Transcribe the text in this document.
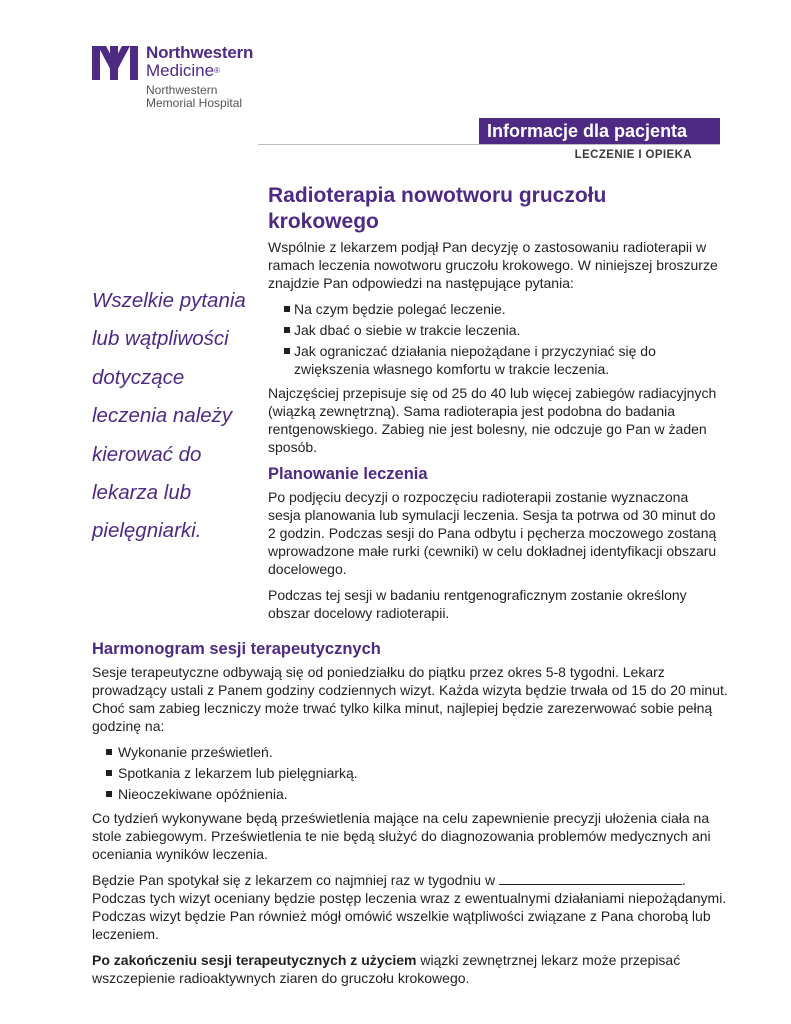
Northwestern
Medicine®
Northwestern
Memorial Hospital
Informacje dla pacjenta
LECZENIE I OPIEKA
Radioterapia nowotworu gruczołu krokowego
Wszelkie pytania
lub wątpliwości
dotyczące
leczenia należy
kierować do
lekarza lub
pielęgniarki.

Wspólnie z lekarzem podjął Pan decyzję o zastosowaniu radioterapii w ramach leczenia nowotworu gruczołu krokowego. W niniejszej broszurze znajdzie Pan odpowiedzi na następujące pytania:

Na czym będzie polegać leczenie.
Jak dbać o siebie w trakcie leczenia.
Jak ograniczać działania niepożądane i przyczyniać się do zwiększenia własnego komfortu w trakcie leczenia.

Najczęściej przepisuje się od 25 do 40 lub więcej zabiegów radiacyjnych (wiązką zewnętrzną). Sama radioterapia jest podobna do badania rentgenowskiego. Zabieg nie jest bolesny, nie odczuje go Pan w żaden sposób.

Planowanie leczenia

Po podjęciu decyzji o rozpoczęciu radioterapii zostanie wyznaczona sesja planowania lub symulacji leczenia. Sesja ta potrwa od 30 minut do 2 godzin. Podczas sesji do Pana odbytu i pęcherza moczowego zostaną wprowadzone małe rurki (cewniki) w celu dokładnej identyfikacji obszaru docelowego.

Podczas tej sesji w badaniu rentgenograficznym zostanie określony obszar docelowy radioterapii.

Harmonogram sesji terapeutycznych

Sesje terapeutyczne odbywają się od poniedziałku do piątku przez okres 5-8 tygodni. Lekarz prowadzący ustali z Panem godziny codziennych wizyt. Każda wizyta będzie trwała od 15 do 20 minut. Choć sam zabieg leczniczy może trwać tylko kilka minut, najlepiej będzie zarezerwować sobie pełną godzinę na:

Wykonanie prześwietleń.
Spotkania z lekarzem lub pielęgniarką.
Nieoczekiwane opóźnienia.

Co tydzień wykonywane będą prześwietlenia mające na celu zapewnienie precyzji ułożenia ciała na stole zabiegowym. Prześwietlenia te nie będą służyć do diagnozowania problemów medycznych ani oceniania wyników leczenia.

Będzie Pan spotykał się z lekarzem co najmniej raz w tygodniu w	. Podczas tych wizyt oceniany będzie postęp leczenia wraz z ewentualnymi działaniami niepożądanymi. Podczas wizyt będzie Pan również mógł omówić wszelkie wątpliwości związane z Pana chorobą lub leczeniem.

Po zakończeniu sesji terapeutycznych z użyciem wiązki zewnętrznej lekarz może przepisać wszczepienie radioaktywnych ziaren do gruczołu krokowego.
